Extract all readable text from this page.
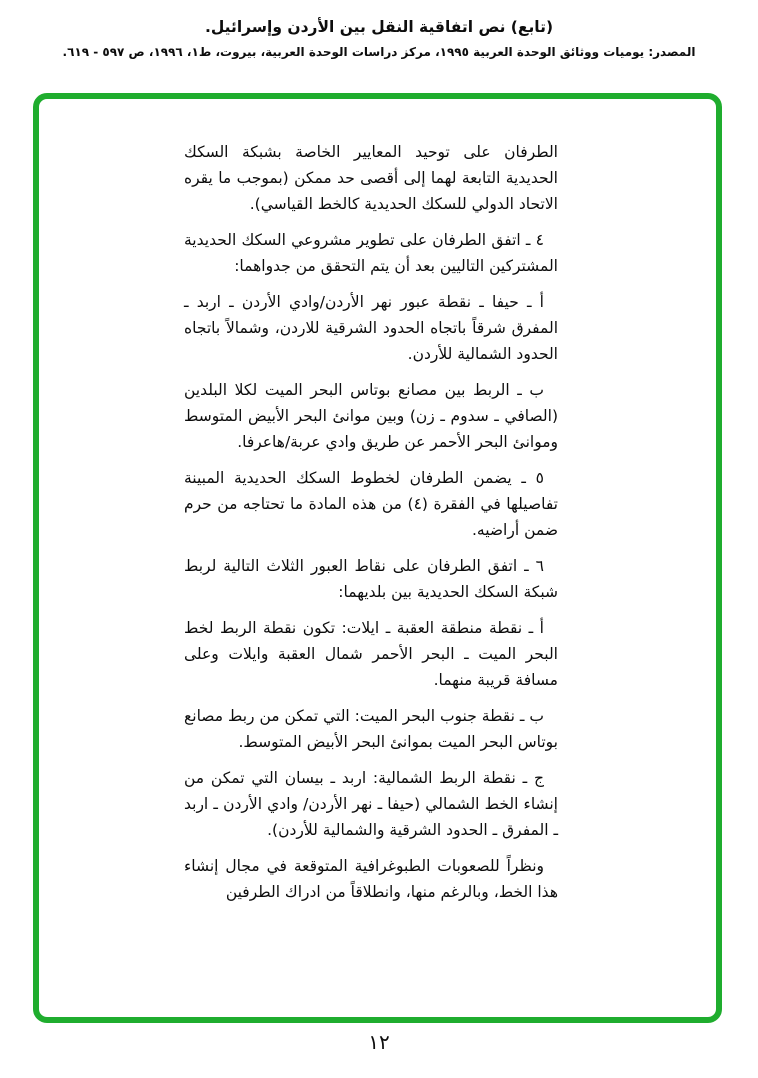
(تابع) نص اتفاقية النقل بين الأردن وإسرائيل.

المصدر: يوميات ووثائق الوحدة العربية ١٩٩٥، مركز دراسات الوحدة العربية، بيروت، ط١، ١٩٩٦، ص ٥٩٧ - ٦١٩.

الطرفان على توحيد المعايير الخاصة بشبكة السكك الحديدية التابعة لهما إلى أقصى حد ممكن (بموجب ما يقره الاتحاد الدولي للسكك الحديدية كالخط القياسي).

٤ ـ اتفق الطرفان على تطوير مشروعي السكك الحديدية المشتركين التاليين بعد أن يتم التحقق من جدواهما:

أ ـ حيفا ـ نقطة عبور نهر الأردن/وادي الأردن ـ اربد ـ المفرق شرقاً باتجاه الحدود الشرقية للاردن، وشمالاً باتجاه الحدود الشمالية للأردن.

ب ـ الربط بين مصانع بوتاس البحر الميت لكلا البلدين (الصافي ـ سدوم ـ زن) وبين موانئ البحر الأبيض المتوسط وموانئ البحر الأحمر عن طريق وادي عربة/هاعرفا.

٥ ـ يضمن الطرفان لخطوط السكك الحديدية المبينة تفاصيلها في الفقرة (٤) من هذه المادة ما تحتاجه من حرم ضمن أراضيه.

٦ ـ اتفق الطرفان على نقاط العبور الثلاث التالية لربط شبكة السكك الحديدية بين بلديهما:

أ ـ نقطة منطقة العقبة ـ ايلات: تكون نقطة الربط لخط البحر الميت ـ البحر الأحمر شمال العقبة وايلات وعلى مسافة قريبة منهما.

ب ـ نقطة جنوب البحر الميت: التي تمكن من ربط مصانع بوتاس البحر الميت بموانئ البحر الأبيض المتوسط.

ج ـ نقطة الربط الشمالية: اربد ـ بيسان التي تمكن من إنشاء الخط الشمالي (حيفا ـ نهر الأردن/ وادي الأردن ـ اربد ـ المفرق ـ الحدود الشرقية والشمالية للأردن).

ونظراً للصعوبات الطبوغرافية المتوقعة في مجال إنشاء هذا الخط، وبالرغم منها، وانطلاقاً من ادراك الطرفين

١٢
